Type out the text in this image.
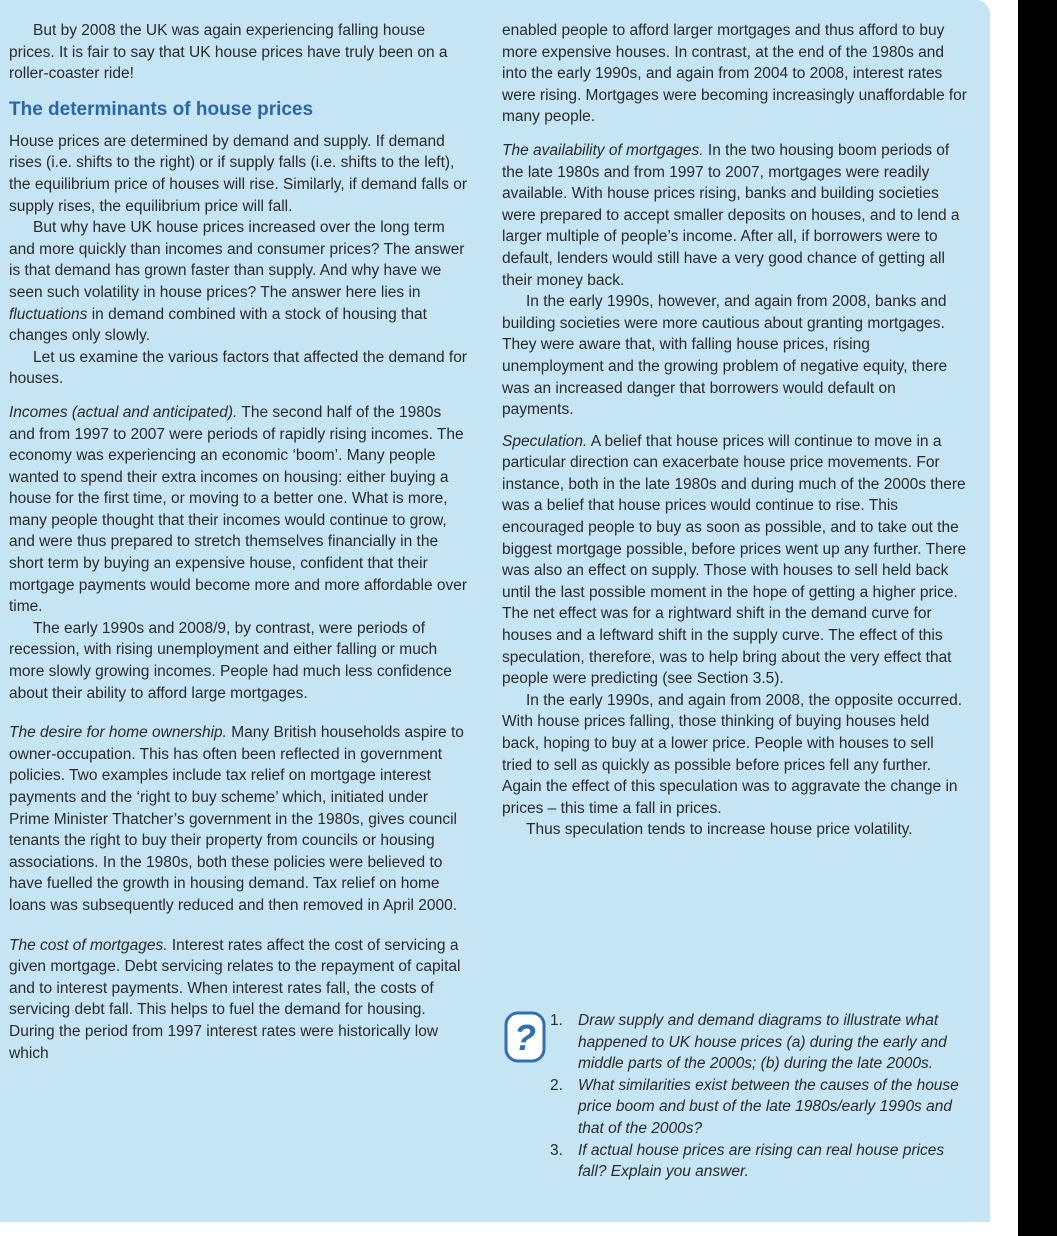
But by 2008 the UK was again experiencing falling house prices. It is fair to say that UK house prices have truly been on a roller-coaster ride!

The determinants of house prices

House prices are determined by demand and supply. If demand rises (i.e. shifts to the right) or if supply falls (i.e. shifts to the left), the equilibrium price of houses will rise. Similarly, if demand falls or supply rises, the equilibrium price will fall.

But why have UK house prices increased over the long term and more quickly than incomes and consumer prices? The answer is that demand has grown faster than supply. And why have we seen such volatility in house prices? The answer here lies in fluctuations in demand combined with a stock of housing that changes only slowly.

Let us examine the various factors that affected the demand for houses.

Incomes (actual and anticipated). The second half of the 1980s and from 1997 to 2007 were periods of rapidly rising incomes. The economy was experiencing an economic ‘boom’. Many people wanted to spend their extra incomes on housing: either buying a house for the first time, or moving to a better one. What is more, many people thought that their incomes would continue to grow, and were thus prepared to stretch themselves financially in the short term by buying an expensive house, confident that their mortgage payments would become more and more affordable over time.

The early 1990s and 2008/9, by contrast, were periods of recession, with rising unemployment and either falling or much more slowly growing incomes. People had much less confidence about their ability to afford large mortgages.

The desire for home ownership. Many British households aspire to owner-occupation. This has often been reflected in government policies. Two examples include tax relief on mortgage interest payments and the ‘right to buy scheme’ which, initiated under Prime Minister Thatcher’s government in the 1980s, gives council tenants the right to buy their property from councils or housing associations. In the 1980s, both these policies were believed to have fuelled the growth in housing demand. Tax relief on home loans was subsequently reduced and then removed in April 2000.

The cost of mortgages. Interest rates affect the cost of servicing a given mortgage. Debt servicing relates to the repayment of capital and to interest payments. When interest rates fall, the costs of servicing debt fall. This helps to fuel the demand for housing. During the period from 1997 interest rates were historically low which

enabled people to afford larger mortgages and thus afford to buy more expensive houses. In contrast, at the end of the 1980s and into the early 1990s, and again from 2004 to 2008, interest rates were rising. Mortgages were becoming increasingly unaffordable for many people.

The availability of mortgages. In the two housing boom periods of the late 1980s and from 1997 to 2007, mortgages were readily available. With house prices rising, banks and building societies were prepared to accept smaller deposits on houses, and to lend a larger multiple of people’s income. After all, if borrowers were to default, lenders would still have a very good chance of getting all their money back.

In the early 1990s, however, and again from 2008, banks and building societies were more cautious about granting mortgages. They were aware that, with falling house prices, rising unemployment and the growing problem of negative equity, there was an increased danger that borrowers would default on payments.

Speculation. A belief that house prices will continue to move in a particular direction can exacerbate house price movements. For instance, both in the late 1980s and during much of the 2000s there was a belief that house prices would continue to rise. This encouraged people to buy as soon as possible, and to take out the biggest mortgage possible, before prices went up any further. There was also an effect on supply. Those with houses to sell held back until the last possible moment in the hope of getting a higher price. The net effect was for a rightward shift in the demand curve for houses and a leftward shift in the supply curve. The effect of this speculation, therefore, was to help bring about the very effect that people were predicting (see Section 3.5).

In the early 1990s, and again from 2008, the opposite occurred. With house prices falling, those thinking of buying houses held back, hoping to buy at a lower price. People with houses to sell tried to sell as quickly as possible before prices fell any further. Again the effect of this speculation was to aggravate the change in prices – this time a fall in prices.

Thus speculation tends to increase house price volatility.

? 1. Draw supply and demand diagrams to illustrate what happened to UK house prices (a) during the early and middle parts of the 2000s; (b) during the late 2000s.
2. What similarities exist between the causes of the house price boom and bust of the late 1980s/early 1990s and that of the 2000s?
3. If actual house prices are rising can real house prices fall? Explain you answer.
